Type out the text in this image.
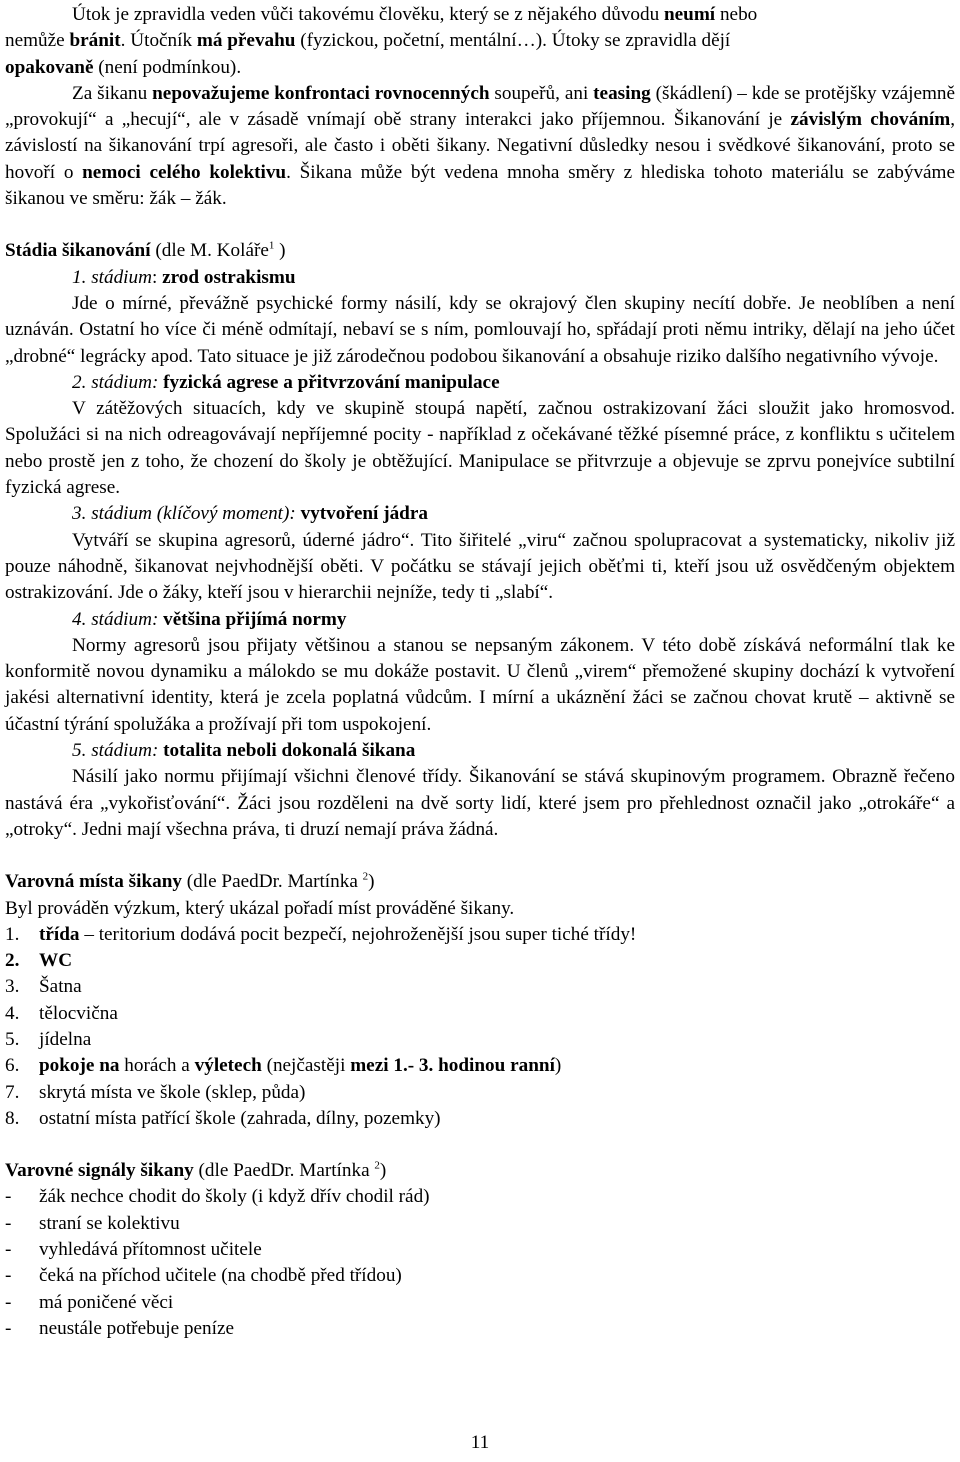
Útok je zpravidla veden vůči takovému člověku, který se z nějakého důvodu neumí nebo
nemůže bránit. Útočník má převahu (fyzickou, početní, mentální…). Útoky se zpravidla dějí
opakovaně (není podmínkou).
Za šikanu nepovažujeme konfrontaci rovnocenných soupeřů, ani teasing (škádlení) – kde se protějšky vzájemně „provokují“ a „hecují“, ale v zásadě vnímají obě strany interakci jako příjemnou. Šikanování je závislým chováním, závislostí na šikanování trpí agresoři, ale často i oběti šikany. Negativní důsledky nesou i svědkové šikanování, proto se hovoří o nemoci celého kolektivu. Šikana může být vedena mnoha směry z hlediska tohoto materiálu se zabýváme šikanou ve směru: žák – žák.
Stádia šikanování (dle M. Koláře$^1$ )
1. stádium: zrod ostrakismu
Jde o mírné, převážně psychické formy násilí, kdy se okrajový člen skupiny necítí dobře. Je neoblíben a není uznáván. Ostatní ho více či méně odmítají, nebaví se s ním, pomlouvají ho, spřádají proti němu intriky, dělají na jeho účet „drobné“ legrácky apod. Tato situace je již zárodečnou podobou šikanování a obsahuje riziko dalšího negativního vývoje.
2. stádium: fyzická agrese a přitvrzování manipulace
V zátěžových situacích, kdy ve skupině stoupá napětí, začnou ostrakizovaní žáci sloužit jako hromosvod. Spolužáci si na nich odreagovávají nepříjemné pocity - například z očekávané těžké písemné práce, z konfliktu s učitelem nebo prostě jen z toho, že chození do školy je obtěžující. Manipulace se přitvrzuje a objevuje se zprvu ponejvíce subtilní fyzická agrese.
3. stádium (klíčový moment): vytvoření jádra
Vytváří se skupina agresorů, úderné jádro“. Tito šiřitelé „viru“ začnou spolupracovat a systematicky, nikoliv již pouze náhodně, šikanovat nejvhodnější oběti. V počátku se stávají jejich oběťmi ti, kteří jsou už osvědčeným objektem ostrakizování. Jde o žáky, kteří jsou v hierarchii nejníže, tedy ti „slabí“.
4. stádium: většina přijímá normy
Normy agresorů jsou přijaty většinou a stanou se nepsaným zákonem. V této době získává neformální tlak ke konformitě novou dynamiku a málokdo se mu dokáže postavit. U členů „virem“ přemožené skupiny dochází k vytvoření jakési alternativní identity, která je zcela poplatná vůdcům. I mírní a ukáznění žáci se začnou chovat krutě – aktivně se účastní týrání spolužáka a prožívají při tom uspokojení.
5. stádium: totalita neboli dokonalá šikana
Násilí jako normu přijímají všichni členové třídy. Šikanování se stává skupinovým programem. Obrazně řečeno nastává éra „vykořisťování“. Žáci jsou rozděleni na dvě sorty lidí, které jsem pro přehlednost označil jako „otrokáře“ a „otroky“. Jedni mají všechna práva, ti druzí nemají práva žádná.
Varovná místa šikany (dle PaedDr. Martínka $^2$)
Byl prováděn výzkum, který ukázal pořadí míst prováděné šikany.
1.	třída – teritorium dodává pocit bezpečí, nejohroženější jsou super tiché třídy!
2.	WC
3.	Šatna
4.	tělocvična
5.	jídelna
6.	pokoje na horách a výletech (nejčastěji mezi 1.- 3. hodinou ranní)
7.	skrytá místa ve škole (sklep, půda)
8.	ostatní místa patřící škole (zahrada, dílny, pozemky)
Varovné signály šikany (dle PaedDr. Martínka $^2$)
-	žák nechce chodit do školy (i když dřív chodil rád)
-	straní se kolektivu
-	vyhledává přítomnost učitele
-	čeká na příchod učitele (na chodbě před třídou)
-	má poničené věci
-	neustále potřebuje peníze
11
